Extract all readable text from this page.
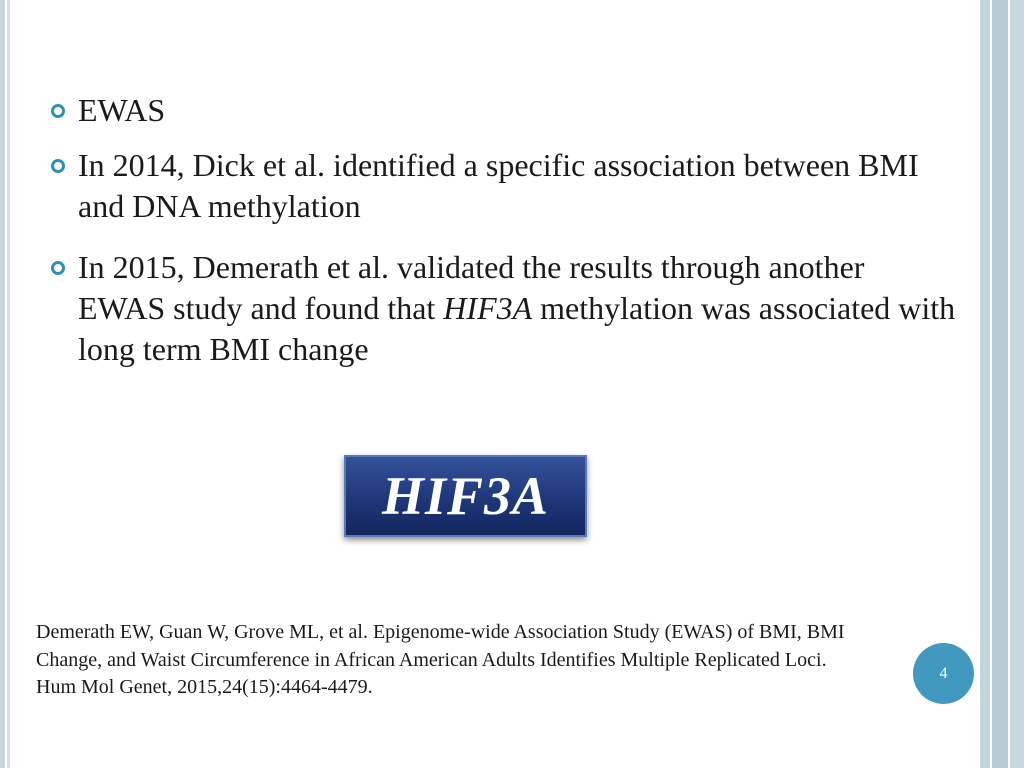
EWAS
In 2014, Dick et al. identified a specific association between BMI and DNA methylation
In 2015, Demerath et al. validated the results through another EWAS study and found that HIF3A methylation was associated with long term BMI change
HIF3A
Demerath EW, Guan W, Grove ML, et al. Epigenome-wide Association Study (EWAS) of BMI, BMI Change, and Waist Circumference in African American Adults Identifies Multiple Replicated Loci. Hum Mol Genet, 2015,24(15):4464-4479.
4
